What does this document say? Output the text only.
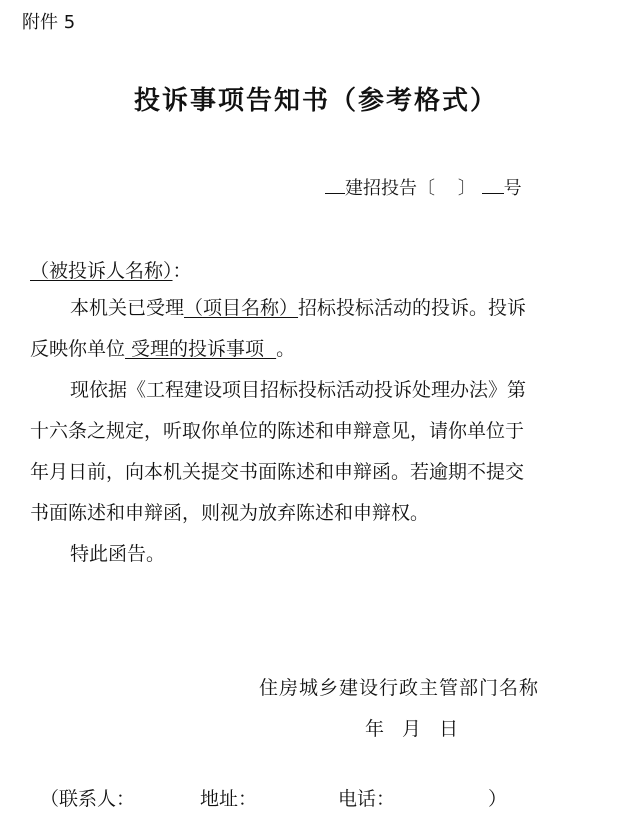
附件 5
投诉事项告知书（参考格式）
建招投告〔 〕 号
（被投诉人名称）：
本机关已受理（项目名称）招标投标活动的投诉。投诉
反映你单位 受理的投诉事项  。
现依据《工程建设项目招标投标活动投诉处理办法》第
十六条之规定，听取你单位的陈述和申辩意见，请你单位于
年月日前，向本机关提交书面陈述和申辩函。若逾期不提交
书面陈述和申辩函，则视为放弃陈述和申辩权。
特此函告。
住房城乡建设行政主管部门名称
年 月 日
（联系人：	地址：	电话：	）
